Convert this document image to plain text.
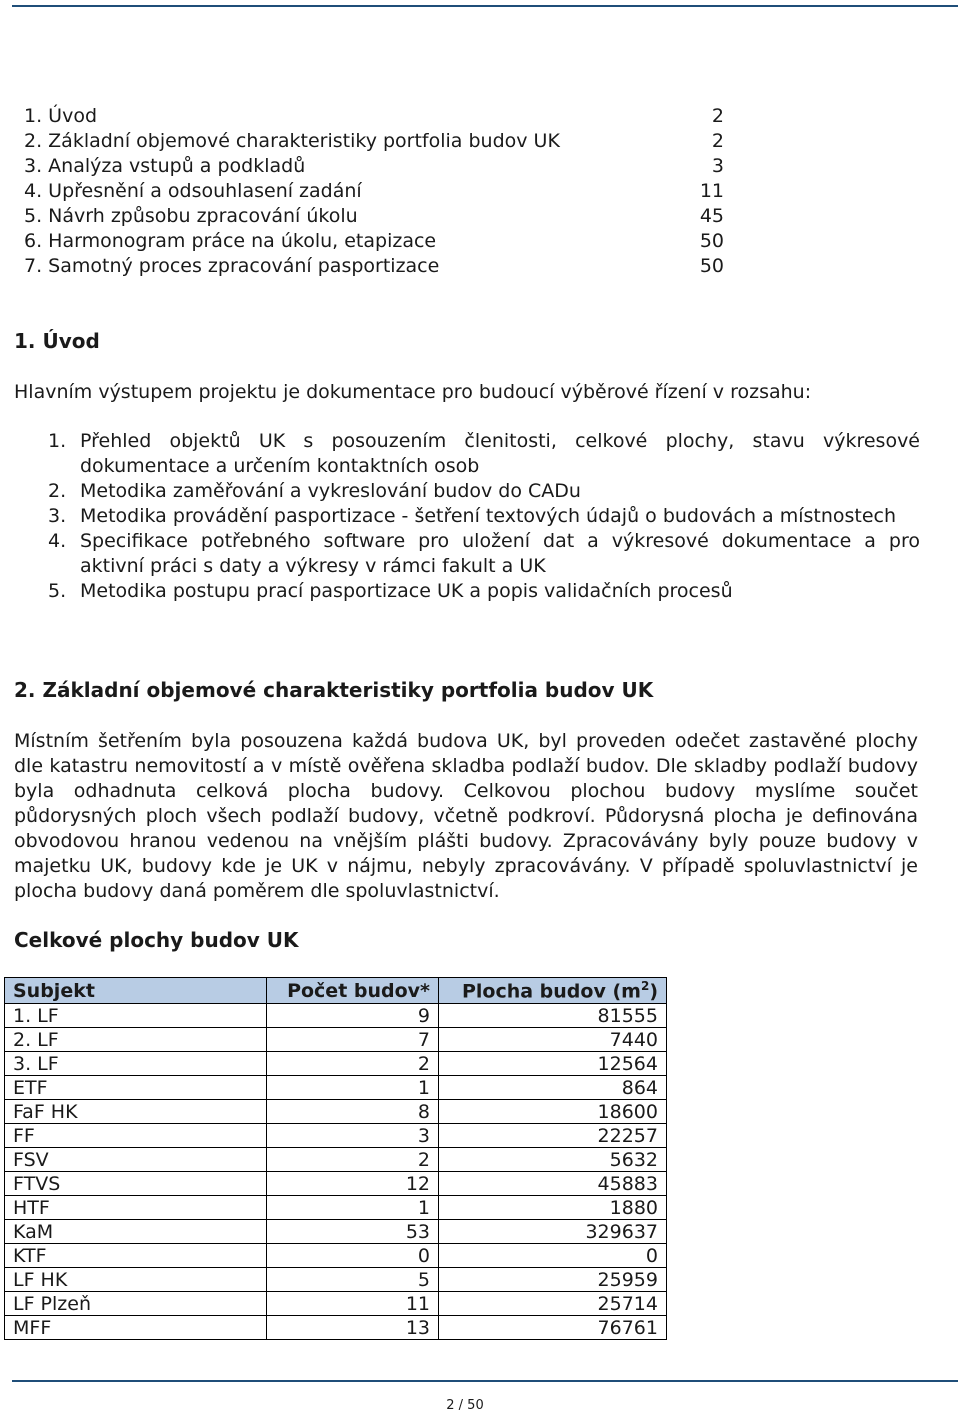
1. Úvod	2
2. Základní objemové charakteristiky portfolia budov UK	2
3. Analýza vstupů a podkladů	3
4. Upřesnění a odsouhlasení zadání	11
5. Návrh způsobu zpracování úkolu	45
6. Harmonogram práce na úkolu, etapizace	50
7. Samotný proces zpracování pasportizace	50
1. Úvod
Hlavním výstupem projektu je dokumentace pro budoucí výběrové řízení v rozsahu:
1. Přehled objektů UK s posouzením členitosti, celkové plochy, stavu výkresové dokumentace a určením kontaktních osob
2. Metodika zaměřování a vykreslování budov do CADu
3. Metodika provádění pasportizace - šetření textových údajů o budovách a místnostech
4. Specifikace potřebného software pro uložení dat a výkresové dokumentace a pro aktivní práci s daty a výkresy v rámci fakult a UK
5. Metodika postupu prací pasportizace UK a popis validačních procesů
2. Základní objemové charakteristiky portfolia budov UK
Místním šetřením byla posouzena každá budova UK, byl proveden odečet zastavěné plochy dle katastru nemovitostí a v místě ověřena skladba podlaží budov. Dle skladby podlaží budovy byla odhadnuta celková plocha budovy. Celkovou plochou budovy myslíme součet půdorysných ploch všech podlaží budovy, včetně podkroví. Půdorysná plocha je definována obvodovou hranou vedenou na vnějším plášti budovy. Zpracovávány byly pouze budovy v majetku UK, budovy kde je UK v nájmu, nebyly zpracovávány. V případě spoluvlastnictví je plocha budovy daná poměrem dle spoluvlastnictví.
Celkové plochy budov UK
Subjekt	Počet budov*	Plocha budov $(m^2)$
1. LF	9	81555
2. LF	7	7440
3. LF	2	12564
ETF	1	864
FaF HK	8	18600
FF	3	22257
FSV	2	5632
FTVS	12	45883
HTF	1	1880
KaM	53	329637
KTF	0	0
LF HK	5	25959
LF Plzeň	11	25714
MFF	13	76761
2 / 50
